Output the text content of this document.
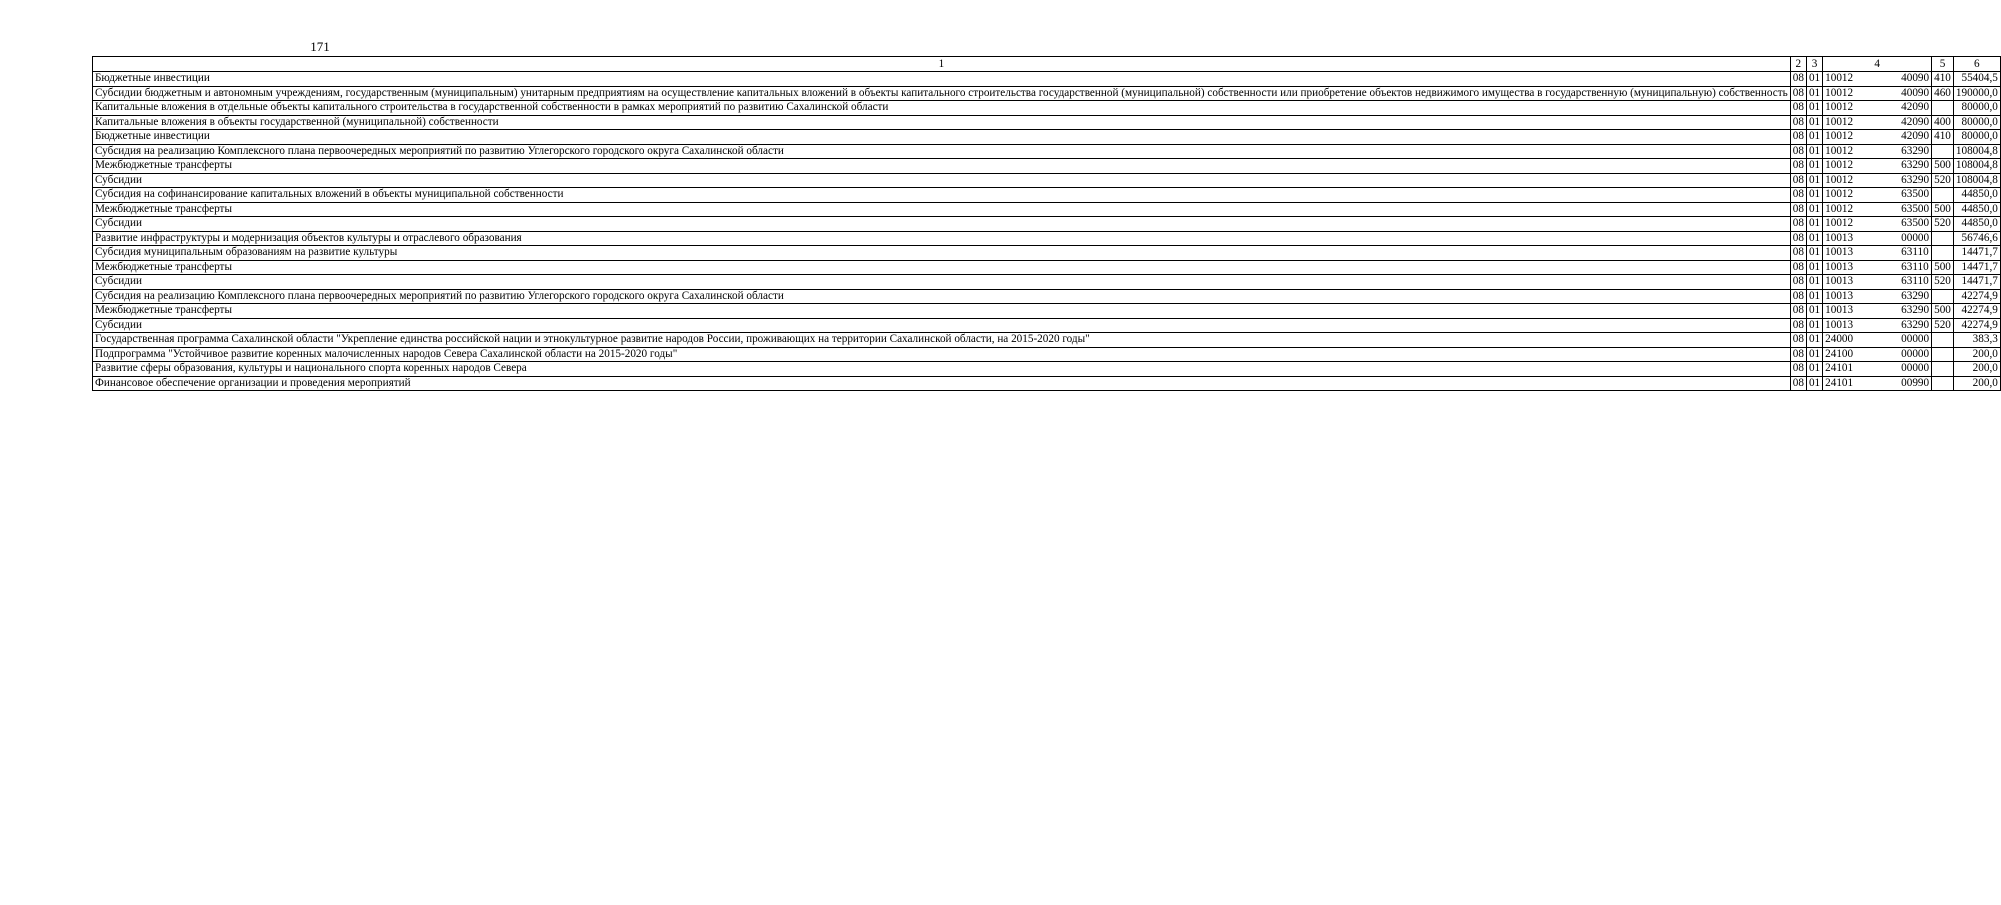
171
1	2	3	4	5	6
Бюджетные инвестиции	08	01	10012 40090	410	55404,5
Субсидии бюджетным и автономным учреждениям, государственным (муниципальным) унитарным предприятиям на осуществление капитальных вложений в объекты капитального строительства государственной (муниципальной) собственности или приобретение объектов недвижимого имущества в государственную (муниципальную) собственность	08	01	10012 40090	460	190000,0
Капитальные вложения в отдельные объекты капитального строительства в государственной собственности в рамках мероприятий по развитию Сахалинской области	08	01	10012 42090		80000,0
Капитальные вложения в объекты государственной (муниципальной) собственности	08	01	10012 42090	400	80000,0
Бюджетные инвестиции	08	01	10012 42090	410	80000,0
Субсидия на реализацию Комплексного плана первоочередных мероприятий по развитию Углегорского городского округа Сахалинской области	08	01	10012 63290		108004,8
Межбюджетные трансферты	08	01	10012 63290	500	108004,8
Субсидии	08	01	10012 63290	520	108004,8
Субсидия на софинансирование капитальных вложений в объекты муниципальной собственности	08	01	10012 63500		44850,0
Межбюджетные трансферты	08	01	10012 63500	500	44850,0
Субсидии	08	01	10012 63500	520	44850,0
Развитие инфраструктуры и модернизация объектов культуры и отраслевого образования	08	01	10013 00000		56746,6
Субсидия муниципальным образованиям на развитие культуры	08	01	10013 63110		14471,7
Межбюджетные трансферты	08	01	10013 63110	500	14471,7
Субсидии	08	01	10013 63110	520	14471,7
Субсидия на реализацию Комплексного плана первоочередных мероприятий по развитию Углегорского городского округа Сахалинской области	08	01	10013 63290		42274,9
Межбюджетные трансферты	08	01	10013 63290	500	42274,9
Субсидии	08	01	10013 63290	520	42274,9
Государственная программа Сахалинской области "Укрепление единства российской нации и этнокультурное развитие народов России, проживающих на территории Сахалинской области, на 2015-2020 годы"	08	01	24000 00000		383,3
Подпрограмма "Устойчивое развитие коренных малочисленных народов Севера Сахалинской области на 2015-2020 годы"	08	01	24100 00000		200,0
Развитие сферы образования, культуры и национального спорта коренных народов Севера	08	01	24101 00000		200,0
Финансовое обеспечение организации и проведения мероприятий	08	01	24101 00990		200,0
